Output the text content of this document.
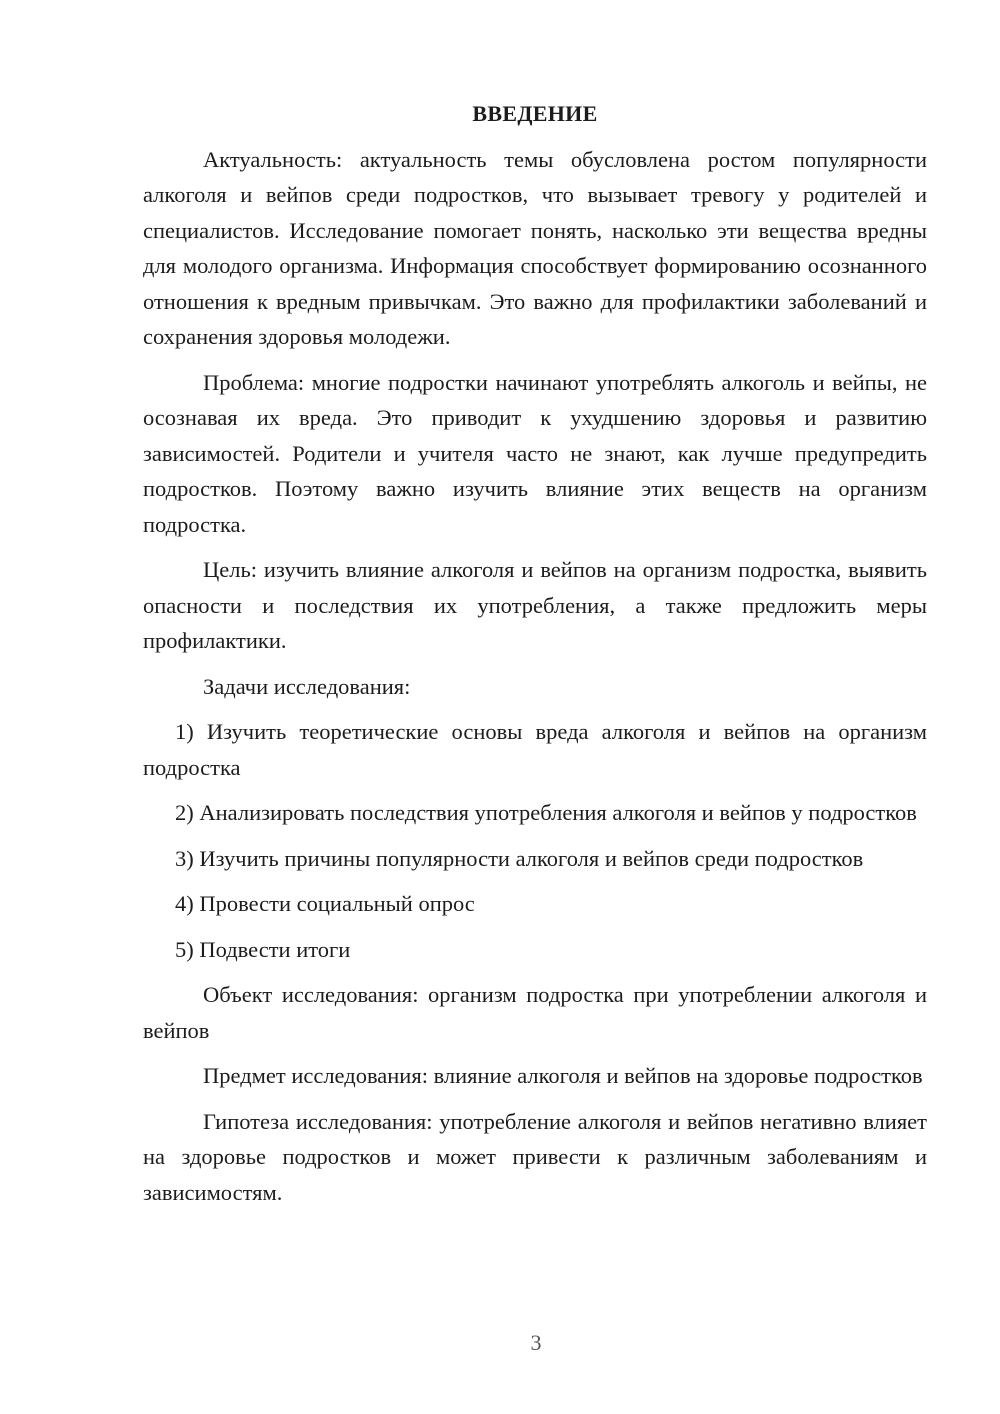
ВВЕДЕНИЕ

Актуальность: актуальность темы обусловлена ростом популярности алкоголя и вейпов среди подростков, что вызывает тревогу у родителей и специалистов. Исследование помогает понять, насколько эти вещества вредны для молодого организма. Информация способствует формированию осознанного отношения к вредным привычкам. Это важно для профилактики заболеваний и сохранения здоровья молодежи.

Проблема: многие подростки начинают употреблять алкоголь и вейпы, не осознавая их вреда. Это приводит к ухудшению здоровья и развитию зависимостей. Родители и учителя часто не знают, как лучше предупредить подростков. Поэтому важно изучить влияние этих веществ на организм подростка.

Цель: изучить влияние алкоголя и вейпов на организм подростка, выявить опасности и последствия их употребления, а также предложить меры профилактики.

Задачи исследования:

1) Изучить теоретические основы вреда алкоголя и вейпов на организм подростка

2) Анализировать последствия употребления алкоголя и вейпов у подростков

3) Изучить причины популярности алкоголя и вейпов среди подростков

4) Провести социальный опрос

5) Подвести итоги

Объект исследования: организм подростка при употреблении алкоголя и вейпов

Предмет исследования: влияние алкоголя и вейпов на здоровье подростков

Гипотеза исследования: употребление алкоголя и вейпов негативно влияет на здоровье подростков и может привести к различным заболеваниям и зависимостям.

3
